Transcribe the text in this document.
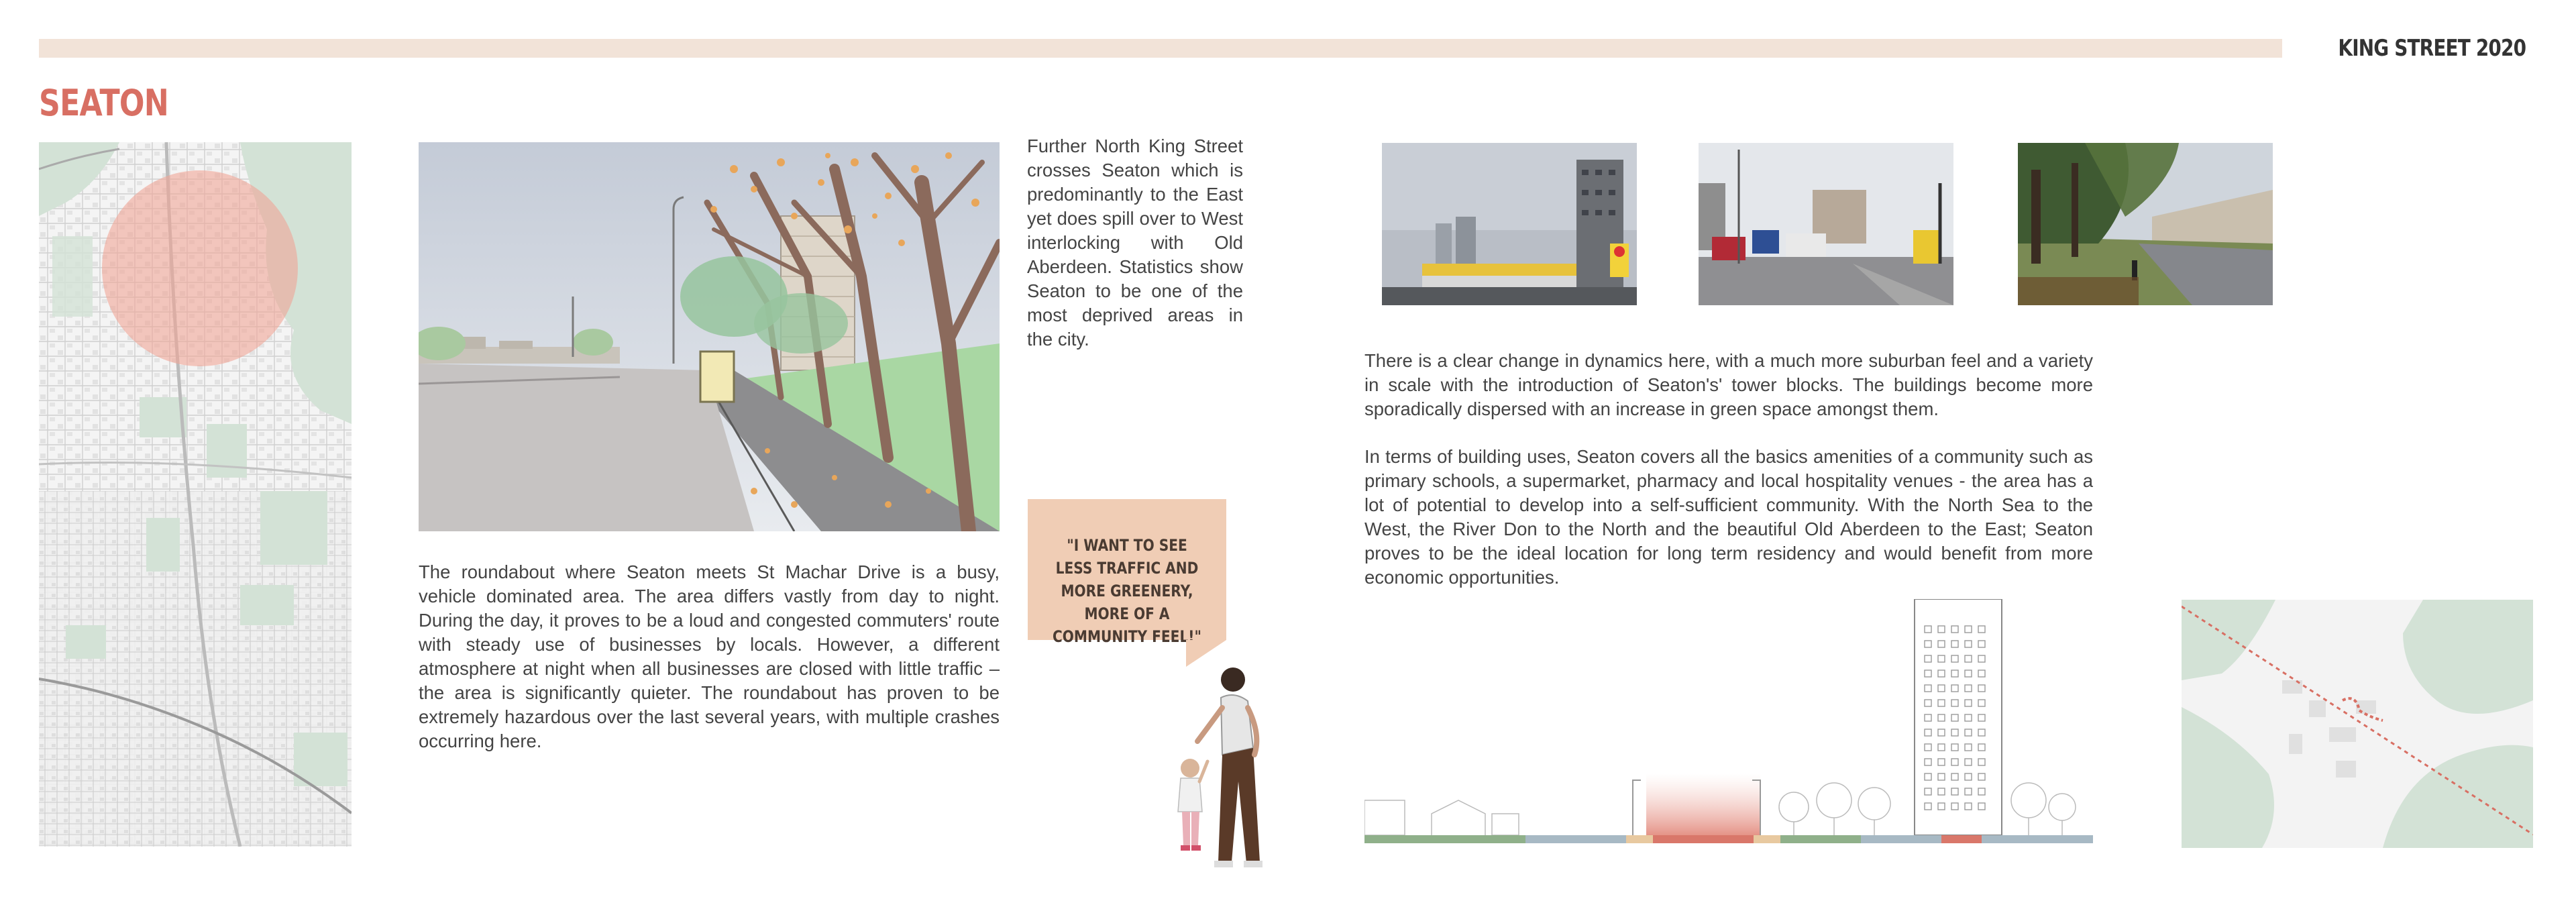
KING STREET 2020
SEATON

Further North King Street crosses Seaton which is predominantly to the East yet does spill over to West interlocking with Old Aberdeen. Statistics show Seaton to be one of the most deprived areas in the city.

The roundabout where Seaton meets St Machar Drive is a busy, vehicle dominated area. The area differs vastly from day to night. During the day, it proves to be a loud and congested commuters' route with steady use of businesses by locals. However, a different atmosphere at night when all businesses are closed with little traffic – the area is significantly quieter. The roundabout has proven to be extremely hazardous over the last several years, with multiple crashes occurring here.

"I WANT TO SEE LESS TRAFFIC AND MORE GREENERY, MORE OF A COMMUNITY FEEL!"

There is a clear change in dynamics here, with a much more suburban feel and a variety in scale with the introduction of Seaton's' tower blocks. The buildings become more sporadically dispersed with an increase in green space amongst them.

In terms of building uses, Seaton covers all the basics amenities of a community such as primary schools, a supermarket, pharmacy and local hospitality venues - the area has a lot of potential to develop into a self-sufficient community. With the North Sea to the West, the River Don to the North and the beautiful Old Aberdeen to the East; Seaton proves to be the ideal location for long term residency and would benefit from more economic opportunities.
